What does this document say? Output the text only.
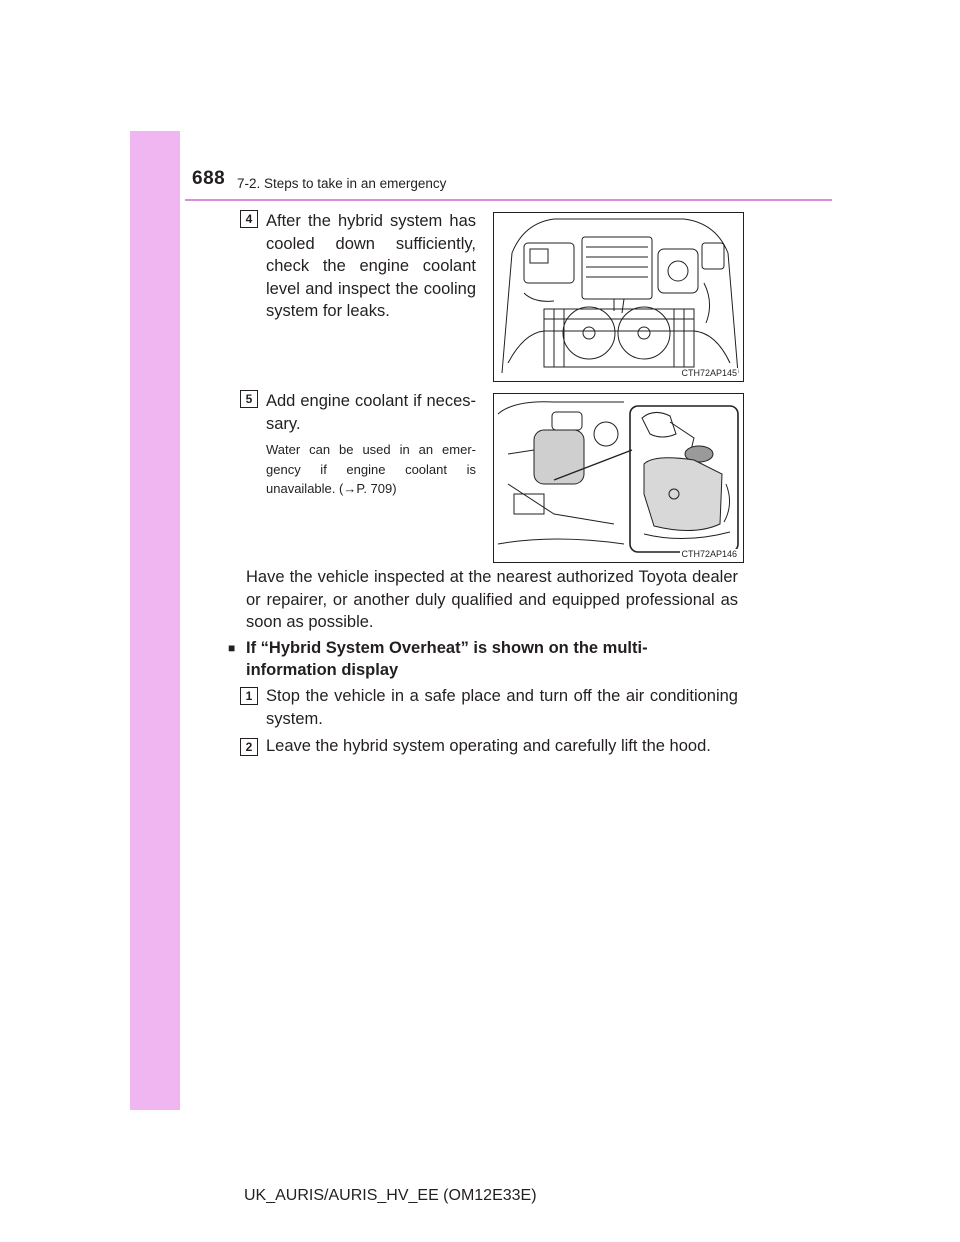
688 7-2. Steps to take in an emergency
4 After the hybrid system has cooled down sufficiently, check the engine coolant level and inspect the cooling system for leaks.
CTH72AP145
5 Add engine coolant if neces-sary.
Water can be used in an emer-gency if engine coolant is unavailable. (→P. 709)
CTH72AP146
Have the vehicle inspected at the nearest authorized Toyota dealer or repairer, or another duly qualified and equipped professional as soon as possible.
■ If “Hybrid System Overheat” is shown on the multi-information display
1 Stop the vehicle in a safe place and turn off the air conditioning system.
2 Leave the hybrid system operating and carefully lift the hood.
UK_AURIS/AURIS_HV_EE (OM12E33E)
